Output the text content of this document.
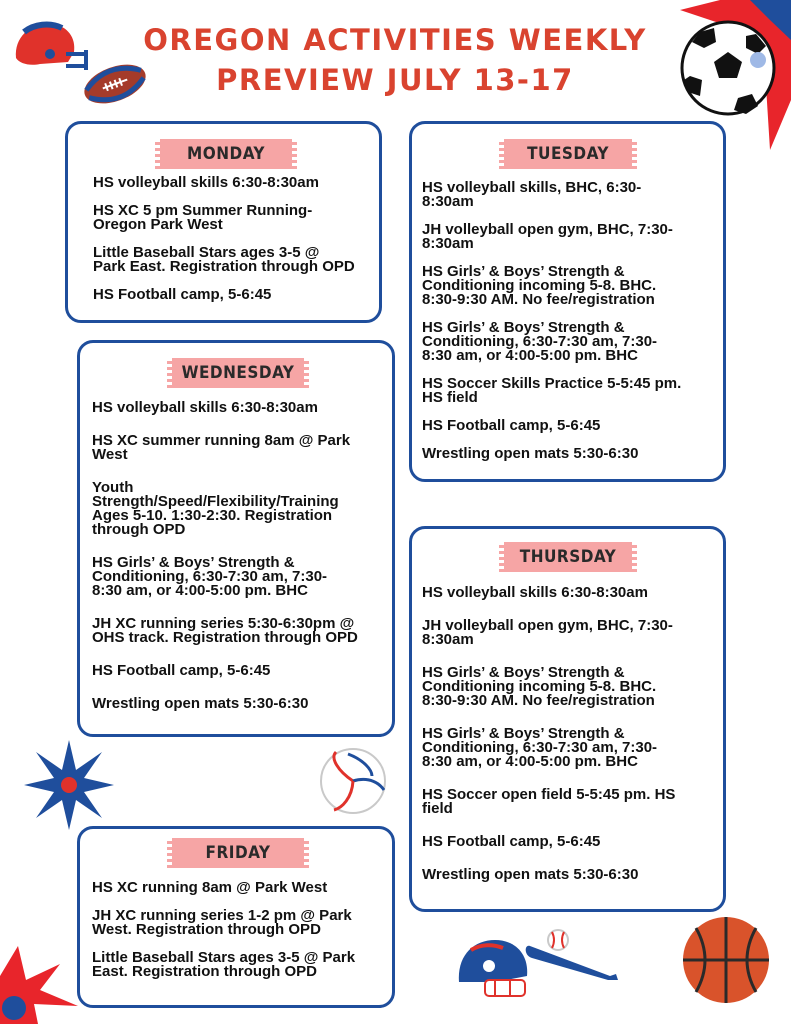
OREGON ACTIVITIES WEEKLY
PREVIEW JULY 13-17
MONDAY
HS volleyball skills 6:30-8:30am
HS XC 5 pm Summer Running-
Oregon Park West
Little Baseball Stars ages 3-5 @
Park East. Registration through OPD
HS Football camp, 5-6:45
TUESDAY
HS volleyball skills, BHC, 6:30-
8:30am
JH volleyball open gym, BHC, 7:30-
8:30am
HS Girls’ & Boys’ Strength &
Conditioning incoming 5-8. BHC.
8:30-9:30 AM. No fee/registration
HS Girls’ & Boys’ Strength &
Conditioning, 6:30-7:30 am, 7:30-
8:30 am, or 4:00-5:00 pm. BHC
HS Soccer Skills Practice 5-5:45 pm.
HS field
HS Football camp, 5-6:45
Wrestling open mats 5:30-6:30
WEDNESDAY
HS volleyball skills 6:30-8:30am
HS XC summer running 8am @ Park
West
Youth
Strength/Speed/Flexibility/Training
Ages 5-10. 1:30-2:30. Registration
through OPD
HS Girls’ & Boys’ Strength &
Conditioning, 6:30-7:30 am, 7:30-
8:30 am, or 4:00-5:00 pm. BHC
JH XC running series 5:30-6:30pm @
OHS track. Registration through OPD
HS Football camp, 5-6:45
Wrestling open mats 5:30-6:30
THURSDAY
HS volleyball skills 6:30-8:30am
JH volleyball open gym, BHC, 7:30-
8:30am
HS Girls’ & Boys’ Strength &
Conditioning incoming 5-8. BHC.
8:30-9:30 AM. No fee/registration
HS Girls’ & Boys’ Strength &
Conditioning, 6:30-7:30 am, 7:30-
8:30 am, or 4:00-5:00 pm. BHC
HS Soccer open field 5-5:45 pm. HS
field
HS Football camp, 5-6:45
Wrestling open mats 5:30-6:30
FRIDAY
HS XC running 8am @ Park West
JH XC running series 1-2 pm @ Park
West. Registration through OPD
Little Baseball Stars ages 3-5 @ Park
East. Registration through OPD
